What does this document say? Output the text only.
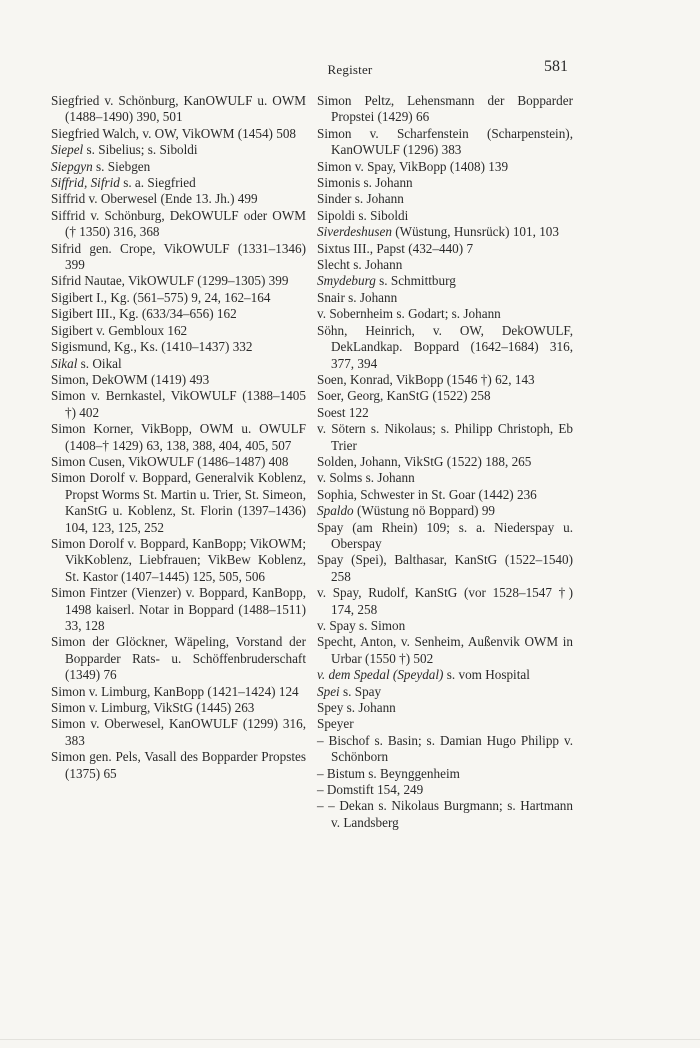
Register	581
Siegfried v. Schönburg, KanOWULF u. OWM (1488–1490) 390, 501
Siegfried Walch, v. OW, VikOWM (1454) 508
Siepel s. Sibelius; s. Siboldi
Siepgyn s. Siebgen
Siffrid, Sifrid s. a. Siegfried
Siffrid v. Oberwesel (Ende 13. Jh.) 499
Siffrid v. Schönburg, DekOWULF oder OWM († 1350) 316, 368
Sifrid gen. Crope, VikOWULF (1331–1346) 399
Sifrid Nautae, VikOWULF (1299–1305) 399
Sigibert I., Kg. (561–575) 9, 24, 162–164
Sigibert III., Kg. (633/34–656) 162
Sigibert v. Gembloux 162
Sigismund, Kg., Ks. (1410–1437) 332
Sikal s. Oikal
Simon, DekOWM (1419) 493
Simon v. Bernkastel, VikOWULF (1388–1405 †) 402
Simon Korner, VikBopp, OWM u. OWULF (1408–† 1429) 63, 138, 388, 404, 405, 507
Simon Cusen, VikOWULF (1486–1487) 408
Simon Dorolf v. Boppard, Generalvik Koblenz, Propst Worms St. Martin u. Trier, St. Simeon, KanStG u. Koblenz, St. Florin (1397–1436) 104, 123, 125, 252
Simon Dorolf v. Boppard, KanBopp; VikOWM; VikKoblenz, Liebfrauen; VikBew Koblenz, St. Kastor (1407–1445) 125, 505, 506
Simon Fintzer (Vienzer) v. Boppard, KanBopp, 1498 kaiserl. Notar in Boppard (1488–1511) 33, 128
Simon der Glöckner, Wäpeling, Vorstand der Bopparder Rats- u. Schöffenbruderschaft (1349) 76
Simon v. Limburg, KanBopp (1421–1424) 124
Simon v. Limburg, VikStG (1445) 263
Simon v. Oberwesel, KanOWULF (1299) 316, 383
Simon gen. Pels, Vasall des Bopparder Propstes (1375) 65
Simon Peltz, Lehensmann der Bopparder Propstei (1429) 66
Simon v. Scharfenstein (Scharpenstein), KanOWULF (1296) 383
Simon v. Spay, VikBopp (1408) 139
Simonis s. Johann
Sinder s. Johann
Sipoldi s. Siboldi
Siverdeshusen (Wüstung, Hunsrück) 101, 103
Sixtus III., Papst (432–440) 7
Slecht s. Johann
Smydeburg s. Schmittburg
Snair s. Johann
v. Sobernheim s. Godart; s. Johann
Söhn, Heinrich, v. OW, DekOWULF, DekLandkap. Boppard (1642–1684) 316, 377, 394
Soen, Konrad, VikBopp (1546 †) 62, 143
Soer, Georg, KanStG (1522) 258
Soest 122
v. Sötern s. Nikolaus; s. Philipp Christoph, Eb Trier
Solden, Johann, VikStG (1522) 188, 265
v. Solms s. Johann
Sophia, Schwester in St. Goar (1442) 236
Spaldo (Wüstung nö Boppard) 99
Spay (am Rhein) 109; s. a. Niederspay u. Oberspay
Spay (Spei), Balthasar, KanStG (1522–1540) 258
v. Spay, Rudolf, KanStG (vor 1528–1547 †) 174, 258
v. Spay s. Simon
Specht, Anton, v. Senheim, Außenvik OWM in Urbar (1550 †) 502
v. dem Spedal (Speydal) s. vom Hospital
Spei s. Spay
Spey s. Johann
Speyer
– Bischof s. Basin; s. Damian Hugo Philipp v. Schönborn
– Bistum s. Beynggenheim
– Domstift 154, 249
– – Dekan s. Nikolaus Burgmann; s. Hartmann v. Landsberg
